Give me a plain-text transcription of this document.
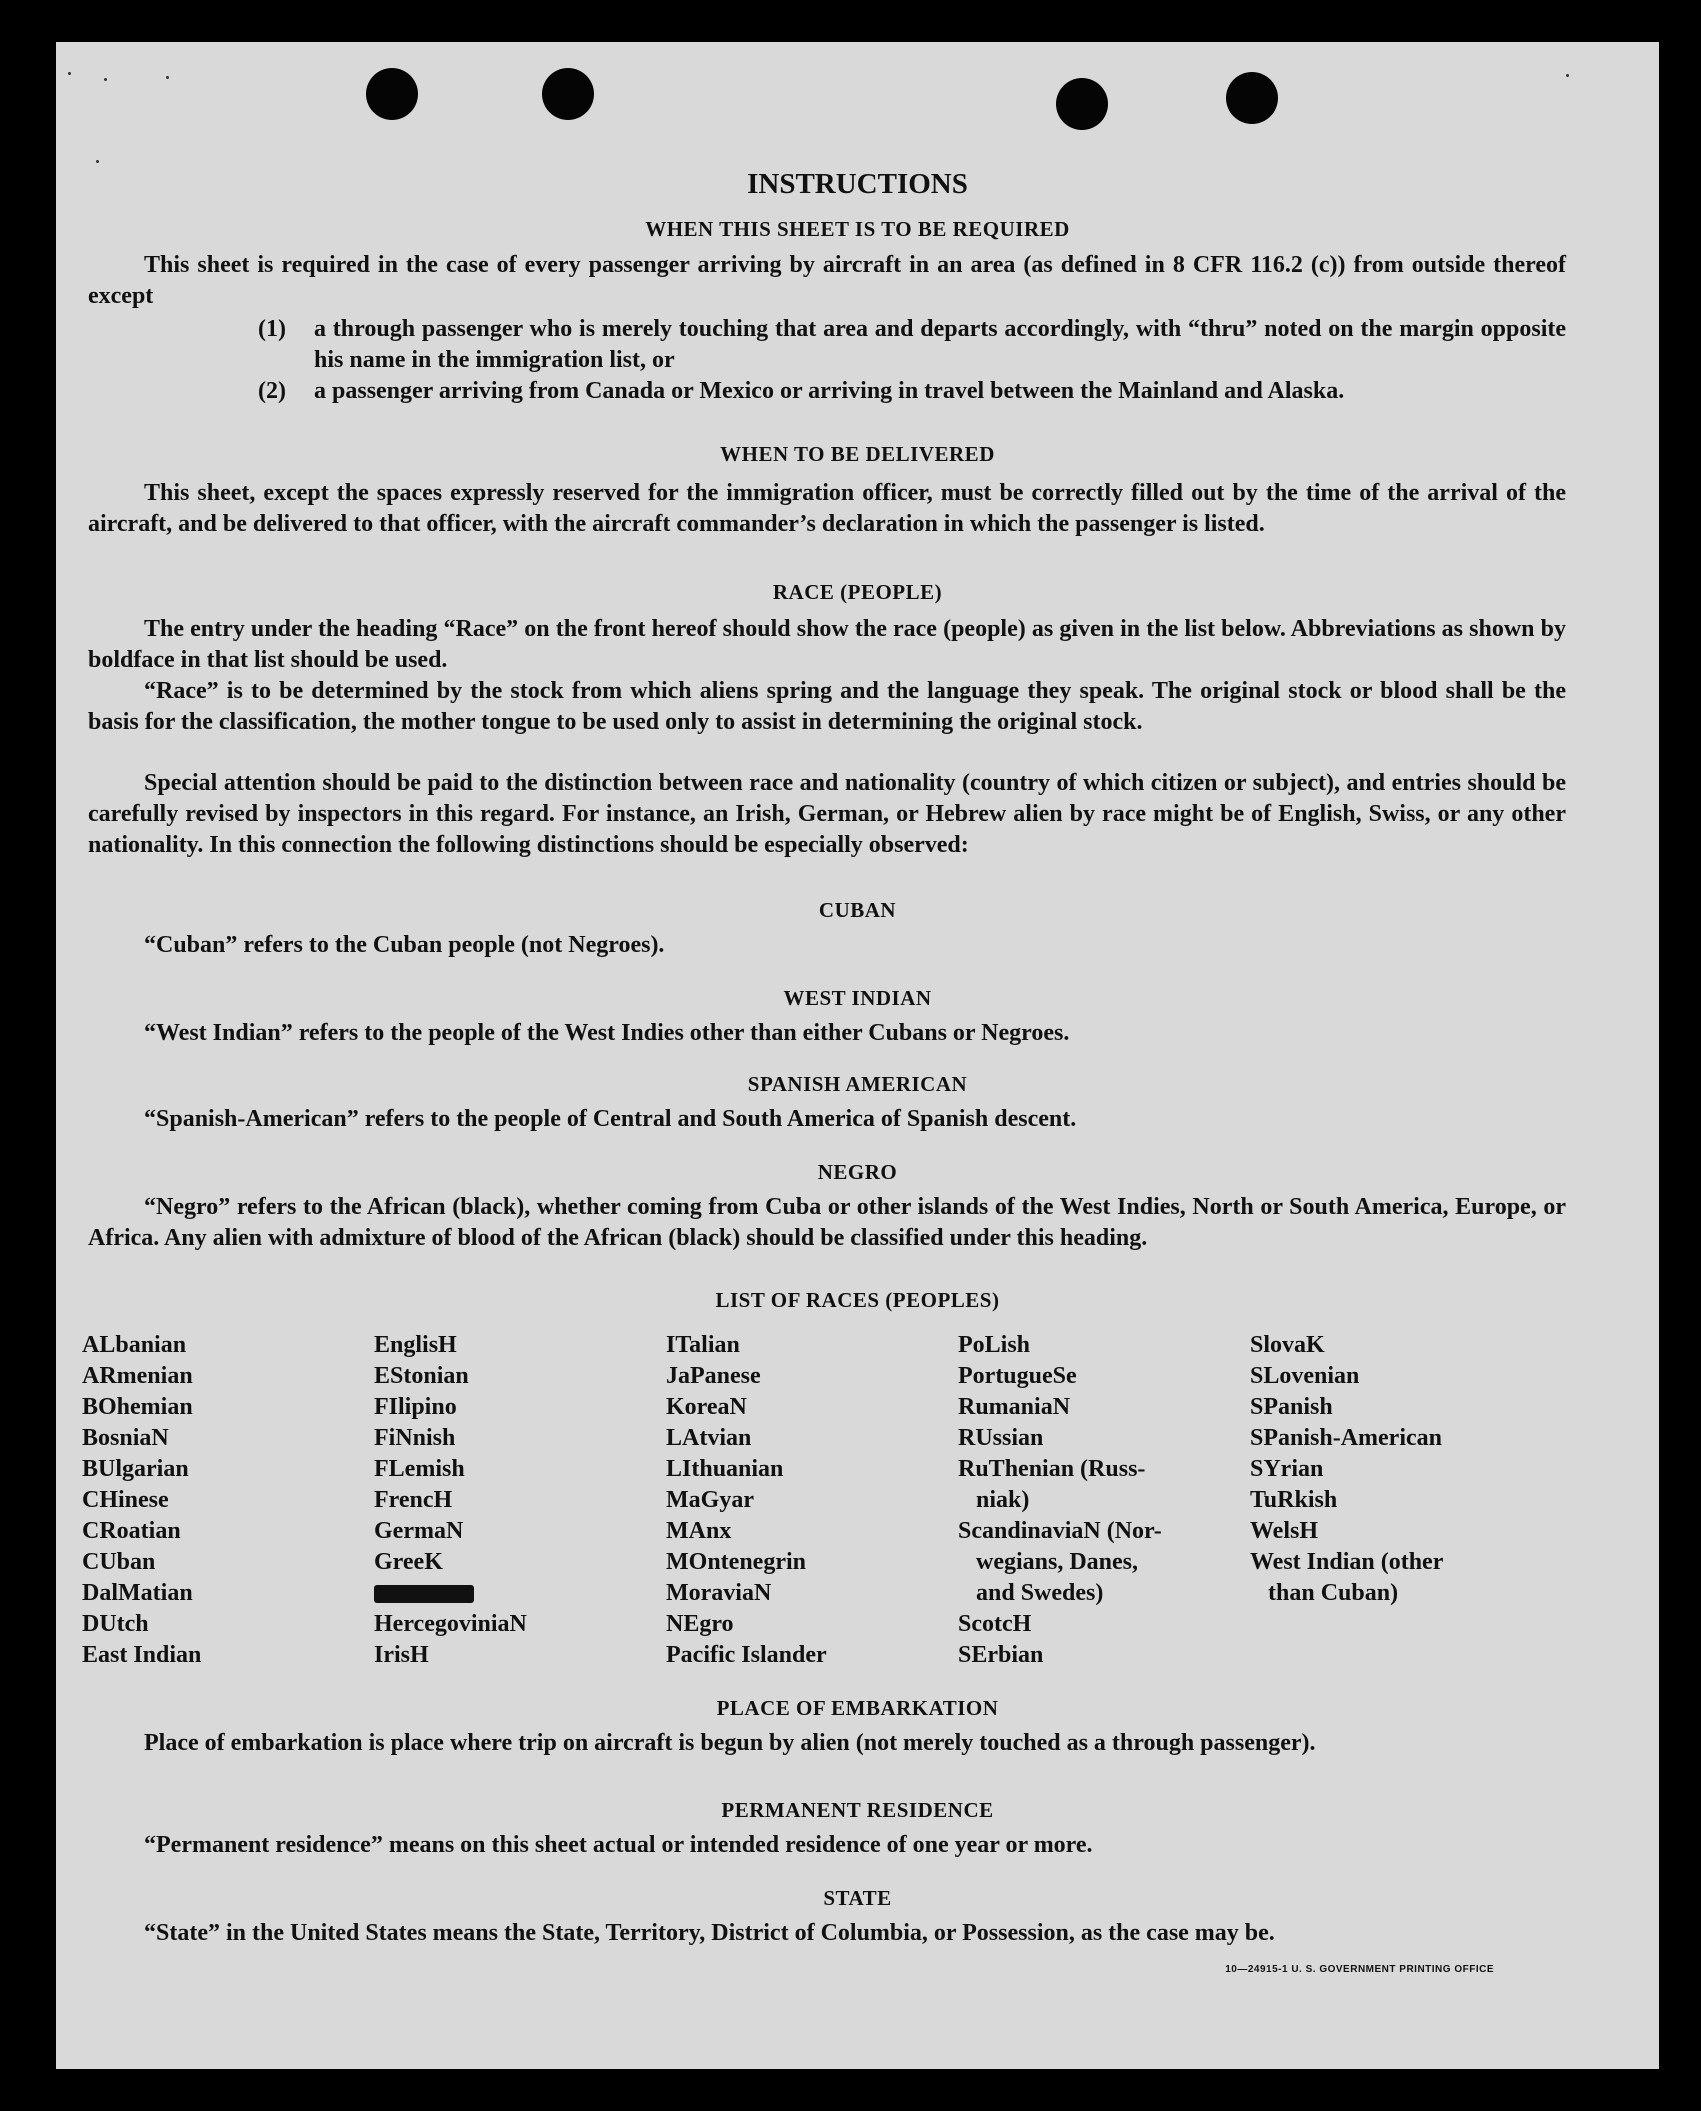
INSTRUCTIONS
WHEN THIS SHEET IS TO BE REQUIRED
This sheet is required in the case of every passenger arriving by aircraft in an area (as defined in 8 CFR 116.2 (c)) from outside thereof except
(1) a through passenger who is merely touching that area and departs accordingly, with “thru” noted on the margin opposite his name in the immigration list, or
(2) a passenger arriving from Canada or Mexico or arriving in travel between the Mainland and Alaska.
WHEN TO BE DELIVERED
This sheet, except the spaces expressly reserved for the immigration officer, must be correctly filled out by the time of the arrival of the aircraft, and be delivered to that officer, with the aircraft commander’s declaration in which the passenger is listed.
RACE (PEOPLE)
The entry under the heading “Race” on the front hereof should show the race (people) as given in the list below. Abbreviations as shown by boldface in that list should be used.
“Race” is to be determined by the stock from which aliens spring and the language they speak. The original stock or blood shall be the basis for the classification, the mother tongue to be used only to assist in determining the original stock.
Special attention should be paid to the distinction between race and nationality (country of which citizen or subject), and entries should be carefully revised by inspectors in this regard. For instance, an Irish, German, or Hebrew alien by race might be of English, Swiss, or any other nationality. In this connection the following distinctions should be especially observed:
CUBAN
“Cuban” refers to the Cuban people (not Negroes).
WEST INDIAN
“West Indian” refers to the people of the West Indies other than either Cubans or Negroes.
SPANISH AMERICAN
“Spanish-American” refers to the people of Central and South America of Spanish descent.
NEGRO
“Negro” refers to the African (black), whether coming from Cuba or other islands of the West Indies, North or South America, Europe, or Africa. Any alien with admixture of blood of the African (black) should be classified under this heading.
LIST OF RACES (PEOPLES)
ALbanian
ARmenian
BOhemian
BosniaN
BUlgarian
CHinese
CRoatian
CUban
DalMatian
DUtch
East Indian
EnglisH
EStonian
FIlipino
FiNnish
FLemish
FrencH
GermaN
GreeK
HercegoviniaN
IrisH
ITalian
JaPanese
KoreaN
LAtvian
LIthuanian
MaGyar
MAnx
MOntenegrin
MoraviaN
NEgro
Pacific Islander
PoLish
PortugueSe
RumaniaN
RUssian
RuThenian (Russ-
niak)
ScandinaviaN (Nor-
wegians, Danes,
and Swedes)
ScotcH
SErbian
SlovaK
SLovenian
SPanish
SPanish-American
SYrian
TuRkish
WelsH
West Indian (other
than Cuban)
PLACE OF EMBARKATION
Place of embarkation is place where trip on aircraft is begun by alien (not merely touched as a through passenger).
PERMANENT RESIDENCE
“Permanent residence” means on this sheet actual or intended residence of one year or more.
STATE
“State” in the United States means the State, Territory, District of Columbia, or Possession, as the case may be.
10—24915-1 U. S. GOVERNMENT PRINTING OFFICE
